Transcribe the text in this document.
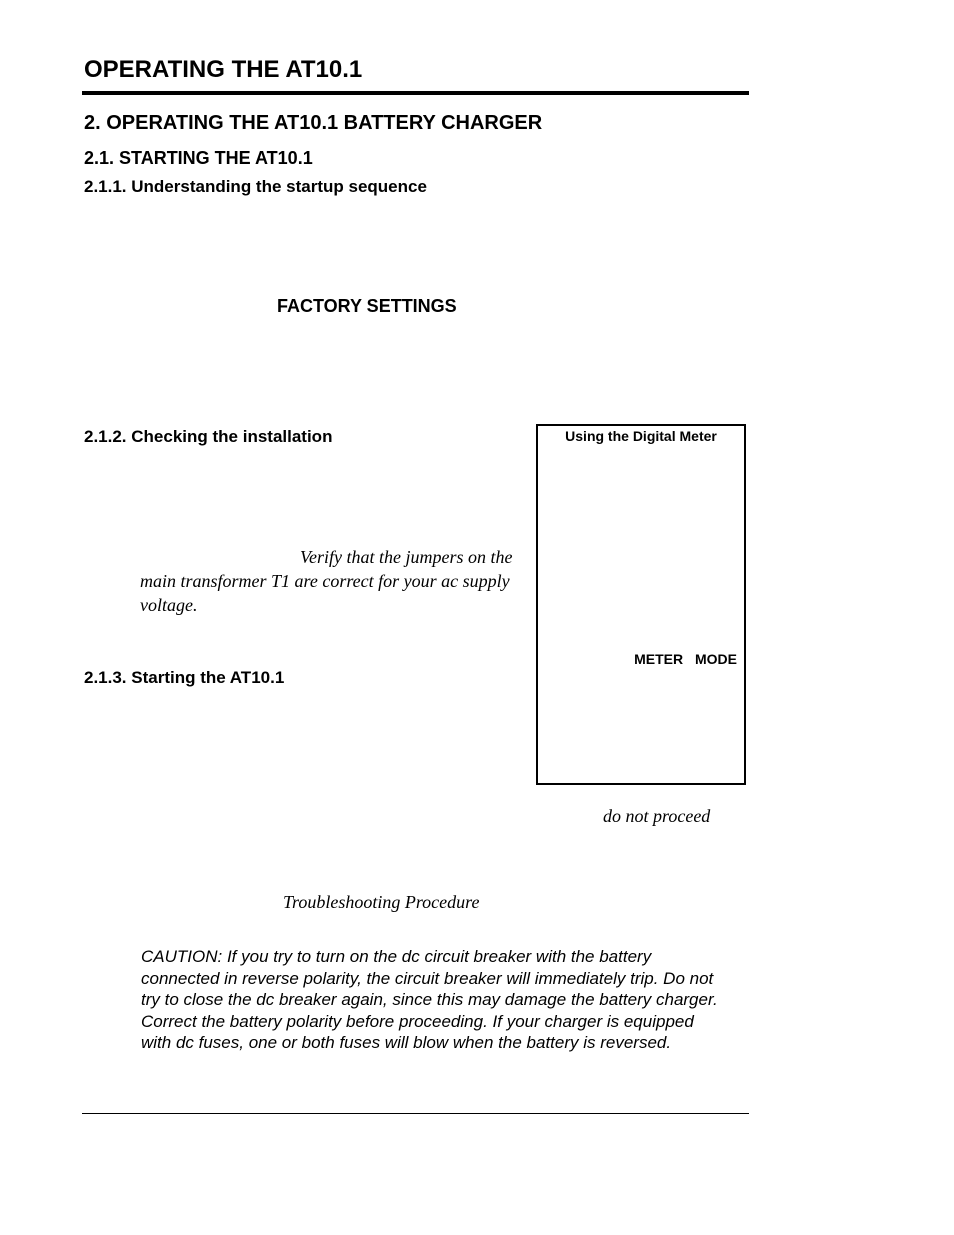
OPERATING THE AT10.1
2. OPERATING THE AT10.1 BATTERY CHARGER
2.1. STARTING THE AT10.1
2.1.1. Understanding the startup sequence
FACTORY SETTINGS
2.1.2. Checking the installation
Verify that the jumpers on the main transformer T1 are correct for your ac supply voltage.
2.1.3. Starting the AT10.1
Using the Digital Meter
METER MODE
do not proceed
Troubleshooting Procedure
CAUTION: If you try to turn on the dc circuit breaker with the battery connected in reverse polarity, the circuit breaker will immediately trip. Do not try to close the dc breaker again, since this may damage the battery charger. Correct the battery polarity before proceeding. If your charger is equipped with dc fuses, one or both fuses will blow when the battery is reversed.
